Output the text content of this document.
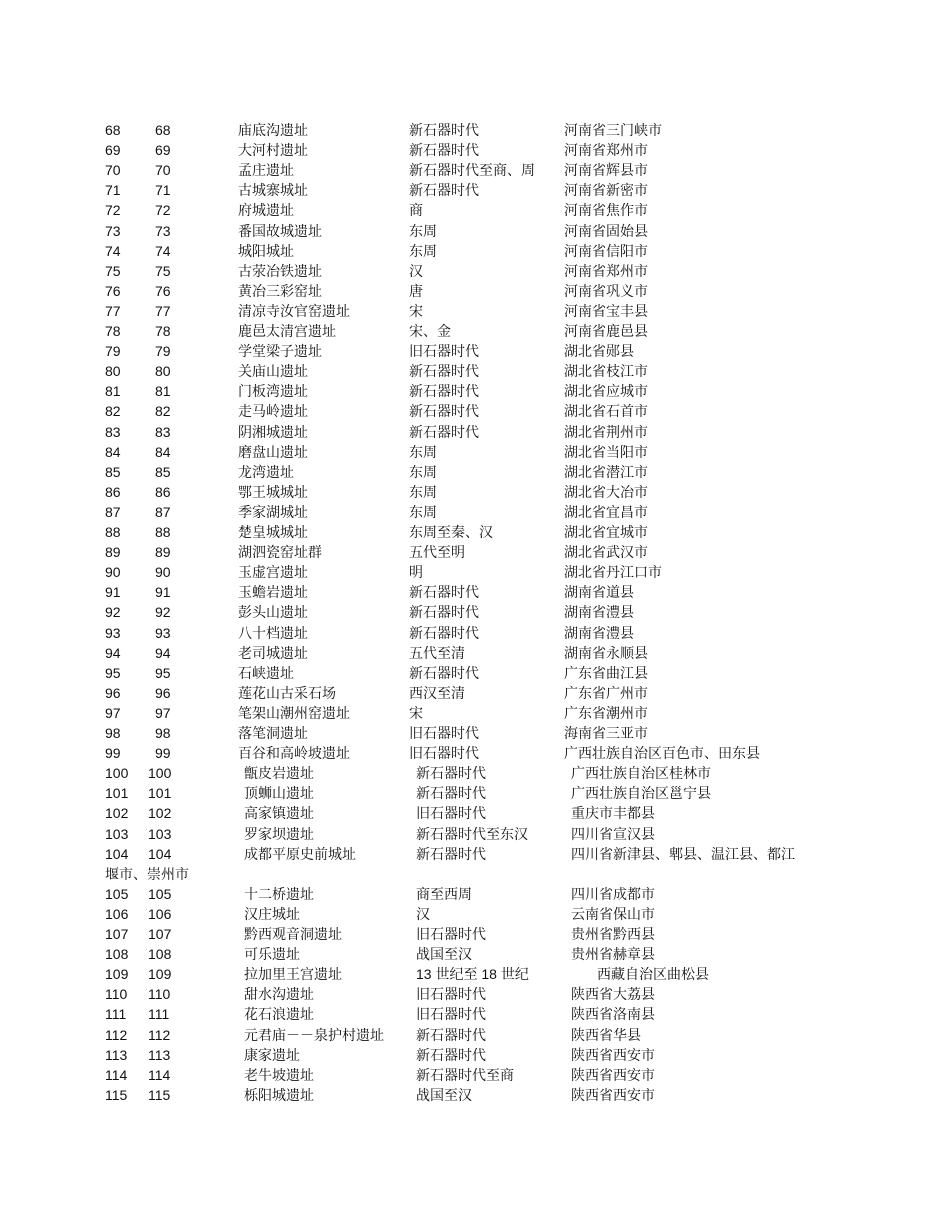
68 68	庙底沟遗址	新石器时代	河南省三门峡市
69 69	大河村遗址	新石器时代	河南省郑州市
70 70	孟庄遗址	新石器时代至商、周 河南省辉县市
71 71	古城寨城址	新石器时代	河南省新密市
72 72	府城遗址	商	河南省焦作市
73 73	番国故城遗址	东周	河南省固始县
74 74	城阳城址	东周	河南省信阳市
75 75	古荥冶铁遗址	汉	河南省郑州市
76 76	黄冶三彩窑址	唐	河南省巩义市
77 77	清凉寺汝官窑遗址	宋	河南省宝丰县
78 78	鹿邑太清宫遗址	宋、金	河南省鹿邑县
79 79	学堂梁子遗址	旧石器时代	湖北省郧县
80 80	关庙山遗址	新石器时代	湖北省枝江市
81 81	门板湾遗址	新石器时代	湖北省应城市
82 82	走马岭遗址	新石器时代	湖北省石首市
83 83	阴湘城遗址	新石器时代	湖北省荆州市
84 84	磨盘山遗址	东周	湖北省当阳市
85 85	龙湾遗址	东周	湖北省潜江市
86 86	鄂王城城址	东周	湖北省大冶市
87 87	季家湖城址	东周	湖北省宜昌市
88 88	楚皇城城址	东周至秦、汉	湖北省宜城市
89 89	湖泗瓷窑址群	五代至明	湖北省武汉市
90 90	玉虚宫遗址	明	湖北省丹江口市
91 91	玉蟾岩遗址	新石器时代	湖南省道县
92 92	彭头山遗址	新石器时代	湖南省澧县
93 93	八十档遗址	新石器时代	湖南省澧县
94 94	老司城遗址	五代至清	湖南省永顺县
95 95	石峡遗址	新石器时代	广东省曲江县
96 96	莲花山古采石场	西汉至清	广东省广州市
97 97	笔架山潮州窑遗址	宋	广东省潮州市
98 98	落笔洞遗址	旧石器时代	海南省三亚市
99 99	百谷和高岭坡遗址	旧石器时代	广西壮族自治区百色市、田东县
100 100	甑皮岩遗址	新石器时代	广西壮族自治区桂林市
101 101	顶蛳山遗址	新石器时代	广西壮族自治区邕宁县
102 102	高家镇遗址	旧石器时代	重庆市丰都县
103 103	罗家坝遗址	新石器时代至东汉	四川省宣汉县
104 104	成都平原史前城址	新石器时代	四川省新津县、郫县、温江县、都江
堰市、崇州市
105 105	十二桥遗址	商至西周	四川省成都市
106 106	汉庄城址	汉	云南省保山市
107 107	黔西观音洞遗址	旧石器时代	贵州省黔西县
108 108	可乐遗址	战国至汉	贵州省赫章县
109 109	拉加里王宫遗址	13 世纪至 18 世纪	西藏自治区曲松县
110 110	甜水沟遗址	旧石器时代	陕西省大荔县
111 111	花石浪遗址	旧石器时代	陕西省洛南县
112 112	元君庙－－泉护村遗址 新石器时代	陕西省华县
113 113	康家遗址	新石器时代	陕西省西安市
114 114	老牛坡遗址	新石器时代至商	陕西省西安市
115 115	栎阳城遗址	战国至汉	陕西省西安市
